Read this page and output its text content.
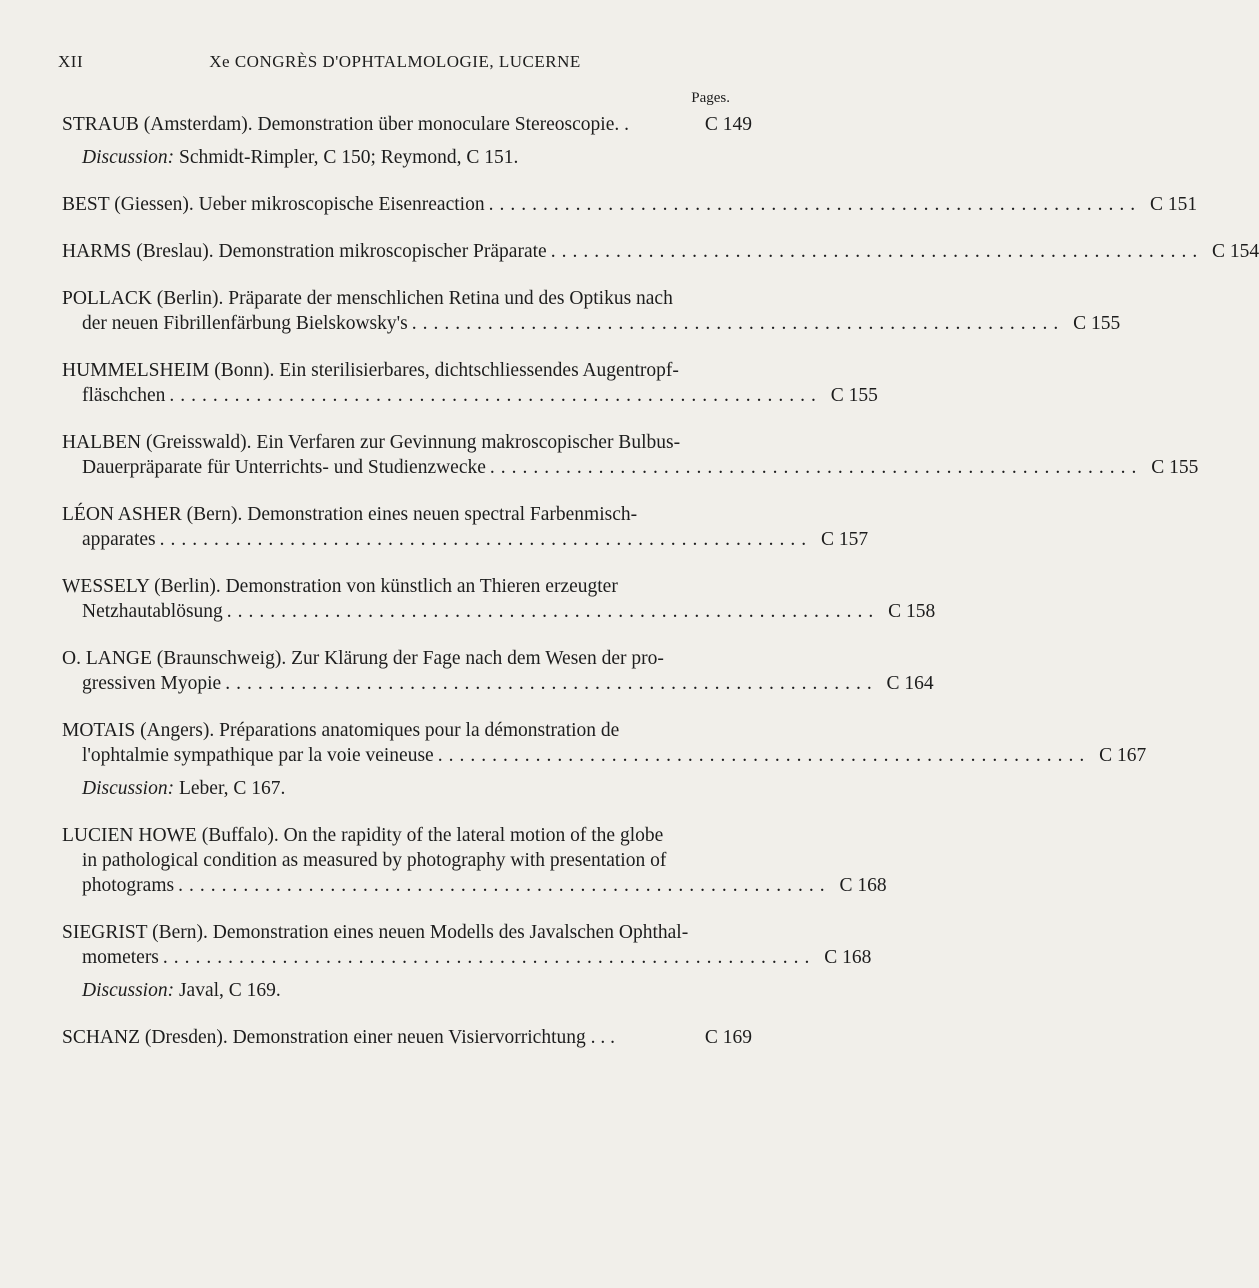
XII	Xe CONGRÈS D'OPHTALMOLOGIE, LUCERNE
Pages.
STRAUB (Amsterdam). Demonstration über monoculare Stereoscopie. .	C 149
Discussion: Schmidt-Rimpler, C 150; Reymond, C 151.
BEST (Giessen). Ueber mikroscopische Eisenreaction ............................................................ C 151
HARMS (Breslau). Demonstration mikroscopischer Präparate ............................................................ C 154
POLLACK (Berlin). Präparate der menschlichen Retina und des Optikus nach
der neuen Fibrillenfärbung Bielskowsky's ............................................................ C 155
HUMMELSHEIM (Bonn). Ein sterilisierbares, dichtschliessendes Augentropf-
fläschchen ............................................................ C 155
HALBEN (Greisswald). Ein Verfaren zur Gevinnung makroscopischer Bulbus-
Dauerpräparate für Unterrichts- und Studienzwecke ............................................................ C 155
LÉON ASHER (Bern). Demonstration eines neuen spectral Farbenmisch-
apparates ............................................................ C 157
WESSELY (Berlin). Demonstration von künstlich an Thieren erzeugter
Netzhautablösung ............................................................ C 158
O. LANGE (Braunschweig). Zur Klärung der Fage nach dem Wesen der pro-
gressiven Myopie ............................................................ C 164
MOTAIS (Angers). Préparations anatomiques pour la démonstration de
l'ophtalmie sympathique par la voie veineuse ............................................................ C 167
Discussion: Leber, C 167.
LUCIEN HOWE (Buffalo). On the rapidity of the lateral motion of the globe
in pathological condition as measured by photography with presentation of
photograms ............................................................ C 168
SIEGRIST (Bern). Demonstration eines neuen Modells des Javalschen Ophthal-
mometers ............................................................ C 168
Discussion: Javal, C 169.
SCHANZ (Dresden). Demonstration einer neuen Visiervorrichtung . . .	C 169
